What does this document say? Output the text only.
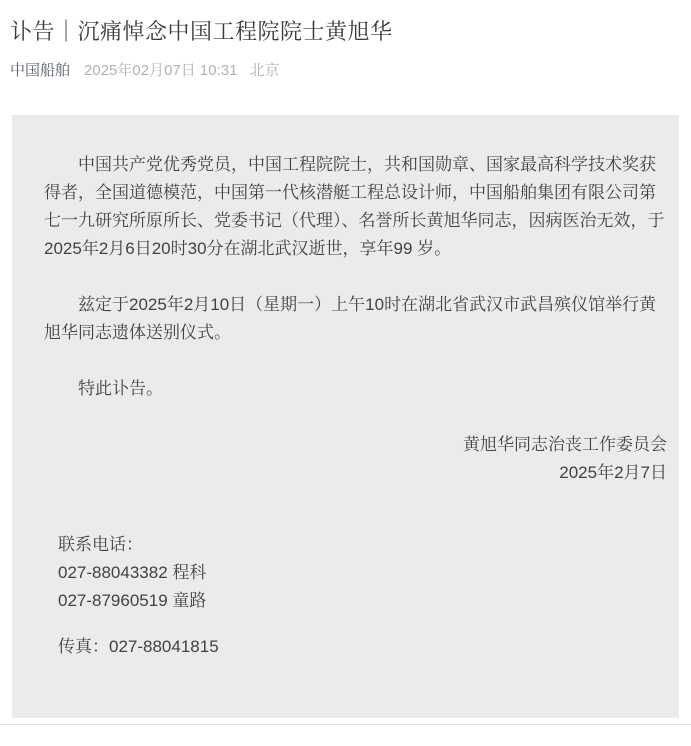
讣告｜沉痛悼念中国工程院院士黄旭华
中国船舶 2025年02月07日 10:31 北京

中国共产党优秀党员，中国工程院院士，共和国勋章、国家最高科学技术奖获得者，全国道德模范，中国第一代核潜艇工程总设计师，中国船舶集团有限公司第七一九研究所原所长、党委书记（代理）、名誉所长黄旭华同志，因病医治无效，于2025年2月6日20时30分在湖北武汉逝世，享年99 岁。

兹定于2025年2月10日（星期一）上午10时在湖北省武汉市武昌殡仪馆举行黄旭华同志遗体送别仪式。

特此讣告。

黄旭华同志治丧工作委员会

2025年2月7日

联系电话：

027-88043382 程科

027-87960519 童路

传真：027-88041815
